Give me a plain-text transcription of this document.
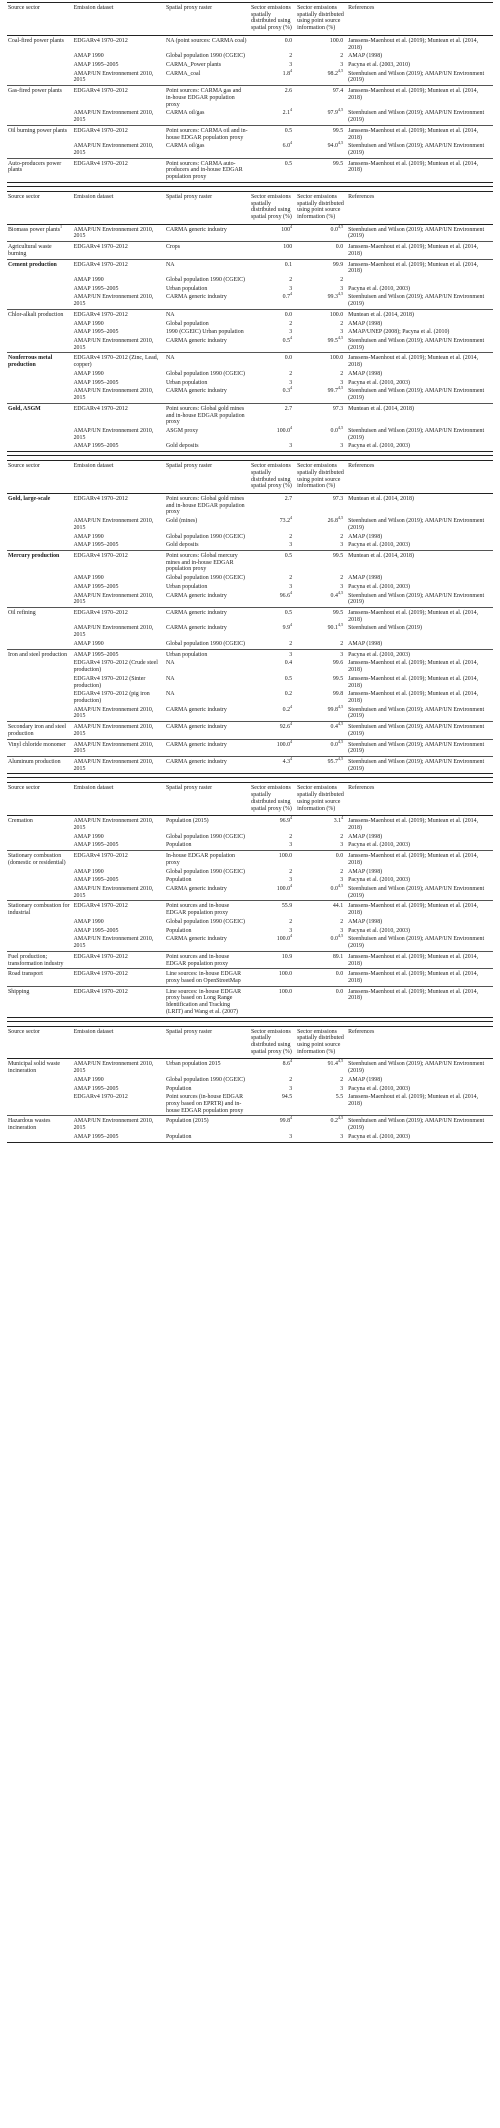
Source sector	Emission dataset	Spatial proxy raster	Sector emissions spatially distributed using spatial proxy (%)	Sector emissions spatially distributed using point source information (%)	References
Coal-fired power plants	EDGARv4 1970–2012	NA (point sources: CARMA coal)	0.0	100.0	Janssens-Maenhout et al. (2019); Muntean et al. (2014, 2018)
	AMAP 1990	Global population 1990 (CGEIC)	2	2	AMAP (1998)
	AMAP 1995–2005	CARMA_Power plants	3	3	Pacyna et al. (2003, 2010)
	AMAP/UN Environnement 2010, 2015	CARMA_coal	$1.8^4$	98.2$^{4,5}$	Steenhuisen and Wilson (2019); AMAP/UN Environment (2019)
Gas-fired power plants	EDGARv4 1970–2012	Point sources: CARMA gas and in-house EDGAR population proxy	2.6	97.4	Janssens-Maenhout et al. (2019); Muntean et al. (2014, 2018)
	AMAP/UN Environnement 2010, 2015	CARMA oil/gas	$2.1^4$	97.9$^{4,5}$	Steenhuisen and Wilson (2019); AMAP/UN Environment (2019)
Oil burning power plants	EDGARv4 1970–2012	Point sources: CARMA oil and in-house EDGAR population proxy	0.5	99.5	Janssens-Maenhout et al. (2019); Muntean et al. (2014, 2018)
	AMAP/UN Environnement 2010, 2015	CARMA oil/gas	$6.0^4$	94.0$^{4,5}$	Steenhuisen and Wilson (2019); AMAP/UN Environment (2019)
Auto-producers power plants	EDGARv4 1970–2012	Point sources: CARMA auto-producers and in-house EDGAR population proxy	0.5	99.5	Janssens-Maenhout et al. (2019); Muntean et al. (2014, 2018)
Source sector	Emission dataset	Spatial proxy raster	Sector emissions spatially distributed using spatial proxy (%)	Sector emissions spatially distributed using point source information (%)	References
Biomass power plants$^1$	AMAP/UN Environnement 2010, 2015	CARMA generic industry	$100^4$	0.0$^{4,5}$	Steenhuisen and Wilson (2019); AMAP/UN Environment (2019)
Agricultural waste burning	EDGARv4 1970–2012	Crops	100	0.0	Janssens-Maenhout et al. (2019); Muntean et al. (2014, 2018)
Cement production	EDGARv4 1970–2012	NA	0.1	99.9	Janssens-Maenhout et al. (2019); Muntean et al. (2014, 2018)
	AMAP 1990	Global population 1990 (CGEIC)	2	2	
	AMAP 1995–2005	Urban population	3	3	Pacyna et al. (2010, 2003)
	AMAP/UN Environnement 2010, 2015	CARMA generic industry	$0.7^4$	99.3$^{4,5}$	Steenhuisen and Wilson (2019); AMAP/UN Environment (2019)
Chlor-alkali production	EDGARv4 1970–2012	NA	0.0	100.0	Muntean et al. (2014, 2018)
	AMAP 1990	Global population	2	2	AMAP (1998)
	AMAP 1995–2005	1990 (CGEIC) Urban population	3	3	AMAP/UNEP (2008); Pacyna et al. (2010)
	AMAP/UN Environnement 2010, 2015	CARMA generic industry	$0.5^4$	99.5$^{4,5}$	Steenhuisen and Wilson (2019); AMAP/UN Environment (2019)
Nonferrous metal production	EDGARv4 1970–2012 (Zinc, Lead, copper)	NA	0.0	100.0	Janssens-Maenhout et al. (2019); Muntean et al. (2014, 2018)
	AMAP 1990	Global population 1990 (CGEIC)	2	2	AMAP (1998)
	AMAP 1995–2005	Urban population	3	3	Pacyna et al. (2010, 2003)
	AMAP/UN Environnement 2010, 2015	CARMA generic industry	$0.3^4$	99.7$^{4,5}$	Steenhuisen and Wilson (2019); AMAP/UN Environment (2019)
Gold, ASGM	EDGARv4 1970–2012	Point sources: Global gold mines and in-house EDGAR population proxy	2.7	97.3	Muntean et al. (2014, 2018)
	AMAP/UN Environnement 2010, 2015	ASGM proxy	100.0$^4$	0.0$^{4,5}$	Steenhuisen and Wilson (2019); AMAP/UN Environment (2019)
	AMAP 1995–2005	Gold deposits	3	3	Pacyna et al. (2010, 2003)
Source sector	Emission dataset	Spatial proxy raster	Sector emissions spatially distributed using spatial proxy (%)	Sector emissions spatially distributed using point source information (%)	References
Gold, large-scale	EDGARv4 1970–2012	Point sources: Global gold mines and in-house EDGAR population proxy	2.7	97.3	Muntean et al. (2014, 2018)
	AMAP/UN Environnement 2010, 2015	Gold (mines)	73.2$^4$	26.8$^{4,5}$	Steenhuisen and Wilson (2019); AMAP/UN Environment (2019)
	AMAP 1990	Global population 1990 (CGEIC)	2	2	AMAP (1998)
	AMAP 1995–2005	Gold deposits	3	3	Pacyna et al. (2010, 2003)
Mercury production	EDGARv4 1970–2012	Point sources: Global mercury mines and in-house EDGAR population proxy	0.5	99.5	Muntean et al. (2014, 2018)
	AMAP 1990	Global population 1990 (CGEIC)	2	2	AMAP (1998)
	AMAP 1995–2005	Urban population	3	3	Pacyna et al. (2010, 2003)
	AMAP/UN Environnement 2010, 2015	CARMA generic industry	96.6$^4$	0.4$^{4,5}$	Steenhuisen and Wilson (2019); AMAP/UN Environment (2019)
Oil refining	EDGARv4 1970–2012	CARMA generic industry	0.5	99.5	Janssens-Maenhout et al. (2019); Muntean et al. (2014, 2018)
	AMAP/UN Environnement 2010, 2015	CARMA generic industry	$9.9^4$	90.1$^{4,5}$	Steenhuisen and Wilson (2019)
	AMAP 1990	Global population 1990 (CGEIC)	2	2	AMAP (1998)
Iron and steel production	AMAP 1995–2005	Urban population	3	3	Pacyna et al. (2010, 2003)
	EDGARv4 1970–2012 (Crude steel production)	NA	0.4	99.6	Janssens-Maenhout et al. (2019); Muntean et al. (2014, 2018)
	EDGARv4 1970–2012 (Sinter production)	NA	0.5	99.5	Janssens-Maenhout et al. (2019); Muntean et al. (2014, 2018)
	EDGARv4 1970–2012 (pig iron production)	NA	0.2	99.8	Janssens-Maenhout et al. (2019); Muntean et al. (2014, 2018)
	AMAP/UN Environnement 2010, 2015	CARMA generic industry	$0.2^4$	99.8$^{4,5}$	Steenhuisen and Wilson (2019); AMAP/UN Environment (2019)
Secondary iron and steel production	AMAP/UN Environnement 2010, 2015	CARMA generic industry	92.6$^4$	0.4$^{4,5}$	Steenhuisen and Wilson (2019); AMAP/UN Environment (2019)
Vinyl chloride monomer	AMAP/UN Environnement 2010, 2015	CARMA generic industry	100.0$^4$	0.0$^{4,5}$	Steenhuisen and Wilson (2019); AMAP/UN Environment (2019)
Aluminum production	AMAP/UN Environnement 2010, 2015	CARMA generic industry	$4.3^4$	95.7$^{4,5}$	Steenhuisen and Wilson (2019); AMAP/UN Environment (2019)
Source sector	Emission dataset	Spatial proxy raster	Sector emissions spatially distributed using spatial proxy (%)	Sector emissions spatially distributed using point source information (%)	References
Cremation	AMAP/UN Environnement 2010, 2015	Population (2015)	96.9$^4$	$3.1^4$	Janssens-Maenhout et al. (2019); Muntean et al. (2014, 2018)
	AMAP 1990	Global population 1990 (CGEIC)	2	2	AMAP (1998)
	AMAP 1995–2005	Population	3	3	Pacyna et al. (2010, 2003)
Stationary combustion (domestic or residential)	EDGARv4 1970–2012	In-house EDGAR population proxy	100.0	0.0	Janssens-Maenhout et al. (2019); Muntean et al. (2014, 2018)
	AMAP 1990	Global population 1990 (CGEIC)	2	2	AMAP (1998)
	AMAP 1995–2005	Population	3	3	Pacyna et al. (2010, 2003)
	AMAP/UN Environnement 2010, 2015	CARMA generic industry	100.0$^4$	0.0$^{4,5}$	Steenhuisen and Wilson (2019); AMAP/UN Environment (2019)
Stationary combustion for industrial	EDGARv4 1970–2012	Point sources and in-house EDGAR population proxy	55.9	44.1	Janssens-Maenhout et al. (2019); Muntean et al. (2014, 2018)
	AMAP 1990	Global population 1990 (CGEIC)	2	2	AMAP (1998)
	AMAP 1995–2005	Population	3	3	Pacyna et al. (2010, 2003)
	AMAP/UN Environnement 2010, 2015	CARMA generic industry	100.0$^4$	0.0$^{4,5}$	Steenhuisen and Wilson (2019); AMAP/UN Environment (2019)
Fuel production; transformation industry	EDGARv4 1970–2012	Point sources and in-house EDGAR population proxy	10.9	89.1	Janssens-Maenhout et al. (2019); Muntean et al. (2014, 2018)
Road transport	EDGARv4 1970–2012	Line sources: in-house EDGAR proxy based on OpenStreetMap	100.0	0.0	Janssens-Maenhout et al. (2019); Muntean et al. (2014, 2018)
Shipping	EDGARv4 1970–2012	Line sources: in-house EDGAR proxy based on Long Range Identification and Tracking (LRIT) and Wang et al. (2007)	100.0	0.0	Janssens-Maenhout et al. (2019); Muntean et al. (2014, 2018)
Source sector	Emission dataset	Spatial proxy raster	Sector emissions spatially distributed using spatial proxy (%)	Sector emissions spatially distributed using point source information (%)	References
Municipal solid waste incineration	AMAP/UN Environnement 2010, 2015	Urban population 2015	$8.6^4$	91.4$^{4,5}$	Steenhuisen and Wilson (2019); AMAP/UN Environment (2019)
	AMAP 1990	Global population 1990 (CGEIC)	2	2	AMAP (1998)
	AMAP 1995–2005	Population	3	3	Pacyna et al. (2010, 2003)
	EDGARv4 1970–2012	Point sources (in-house EDGAR proxy based on EPRTR) and in-house EDGAR population proxy	94.5	5.5	Janssens-Maenhout et al. (2019); Muntean et al. (2014, 2018)
Hazardous wastes incineration	AMAP/UN Environnement 2010, 2015	Population (2015)	99.8$^4$	0.2$^{4,5}$	Steenhuisen and Wilson (2019); AMAP/UN Environment (2019)
	AMAP 1995–2005	Population	3	3	Pacyna et al. (2010, 2003)
